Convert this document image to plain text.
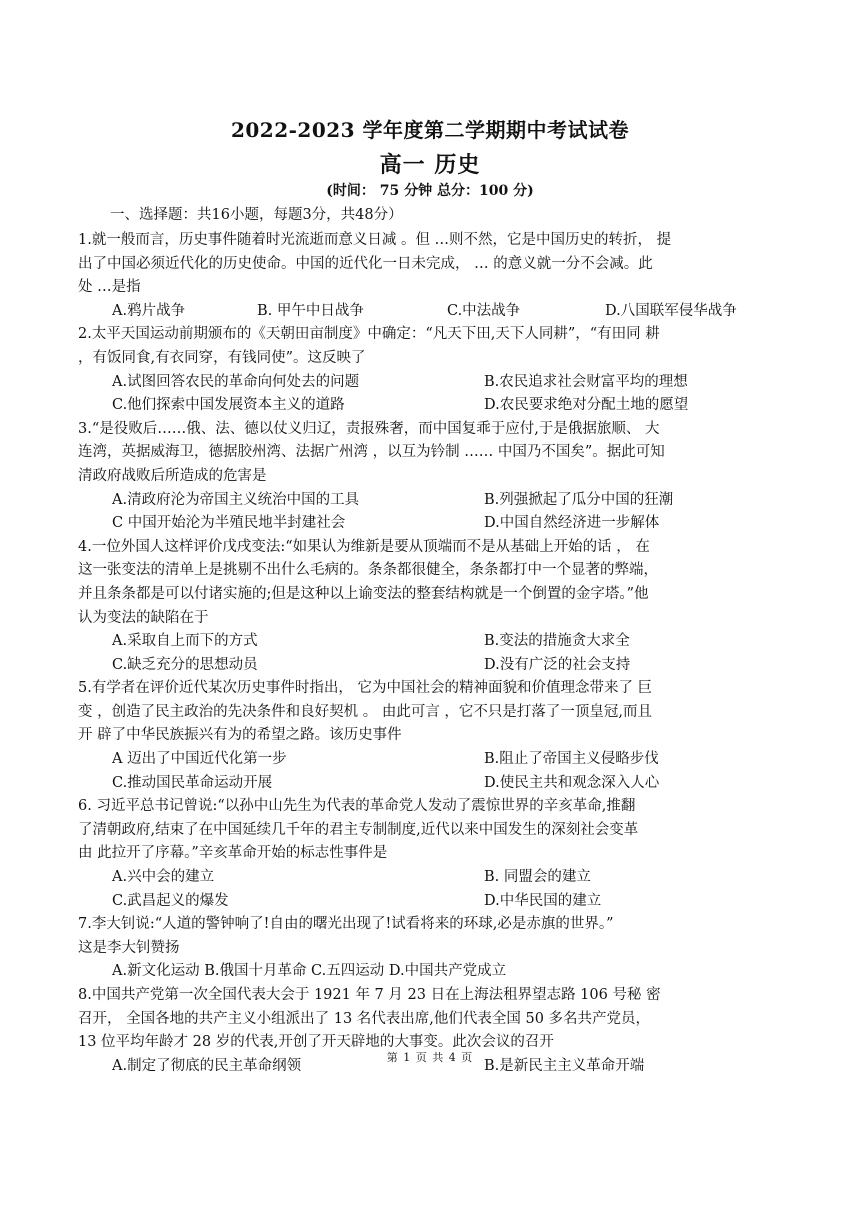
2022-2023 学年度第二学期期中考试试卷
高一 历史
(时间： 75 分钟 总分：100 分)
一、选择题：共16小题，每题3分，共48分）

1.就一般而言，历史事件随着时光流逝而意义日减 。但 …则不然，它是中国历史的转折， 提

出了中国必须近代化的历史使命。中国的近代化一日未完成， … 的意义就一分不会减。此

处 …是指

A.鸦片战争	B. 甲午中日战争	C.中法战争	D.八国联军侵华战争

2.太平天国运动前期颁布的《天朝田亩制度》中确定：“凡天下田,天下人同耕”，“有田同 耕

，有饭同食,有衣同穿，有钱同使”。这反映了

A.试图回答农民的革命向何处去的问题	B.农民追求社会财富平均的理想
C.他们探索中国发展资本主义的道路	D.农民要求绝对分配土地的愿望

3.“是役败后……俄、法、德以仗义归辽，责报殊奢，而中国复乖于应付,于是俄据旅顺、 大

连湾，英据威海卫，德据胶州湾、法据广州湾 ，以互为钤制 …… 中国乃不国矣”。据此可知

清政府战败后所造成的危害是

A.清政府沦为帝国主义统治中国的工具	B.列强掀起了瓜分中国的狂潮
C 中国开始沦为半殖民地半封建社会	D.中国自然经济进一步解体

4.一位外国人这样评价戊戌变法:“如果认为维新是要从顶端而不是从基础上开始的话 ， 在

这一张变法的清单上是挑剔不出什么毛病的。条条都很健全，条条都打中一个显著的弊端，

并且条条都是可以付诸实施的;但是这种以上谕变法的整套结构就是一个倒置的金字塔。”他

认为变法的缺陷在于

A.采取自上而下的方式	B.变法的措施贪大求全
C.缺乏充分的思想动员	D.没有广泛的社会支持

5.有学者在评价近代某次历史事件时指出， 它为中国社会的精神面貌和价值理念带来了 巨

变 ，创造了民主政治的先决条件和良好契机 。 由此可言 ，它不只是打落了一顶皇冠,而且

开 辟了中华民族振兴有为的希望之路。该历史事件

A 迈出了中国近代化第一步	B.阻止了帝国主义侵略步伐
C.推动国民革命运动开展	D.使民主共和观念深入人心

6. 习近平总书记曾说:“以孙中山先生为代表的革命党人发动了震惊世界的辛亥革命,推翻

了清朝政府,结束了在中国延续几千年的君主专制制度,近代以来中国发生的深刻社会变革

由 此拉开了序幕。”辛亥革命开始的标志性事件是

A.兴中会的建立	B. 同盟会的建立
C.武昌起义的爆发	D.中华民国的建立

7.李大钊说:“人道的警钟响了!自由的曙光出现了!试看将来的环球,必是赤旗的世界。”

这是李大钊赞扬

A.新文化运动 B.俄国十月革命 C.五四运动 D.中国共产党成立

8.中国共产党第一次全国代表大会于 1921 年 7 月 23 日在上海法租界望志路 106 号秘 密

召开， 全国各地的共产主义小组派出了 13 名代表出席,他们代表全国 50 多名共产党员，

13 位平均年龄才 28 岁的代表,开创了开天辟地的大事变。此次会议的召开

A.制定了彻底的民主革命纲领	B.是新民主主义革命开端
第 1 页 共 4 页
